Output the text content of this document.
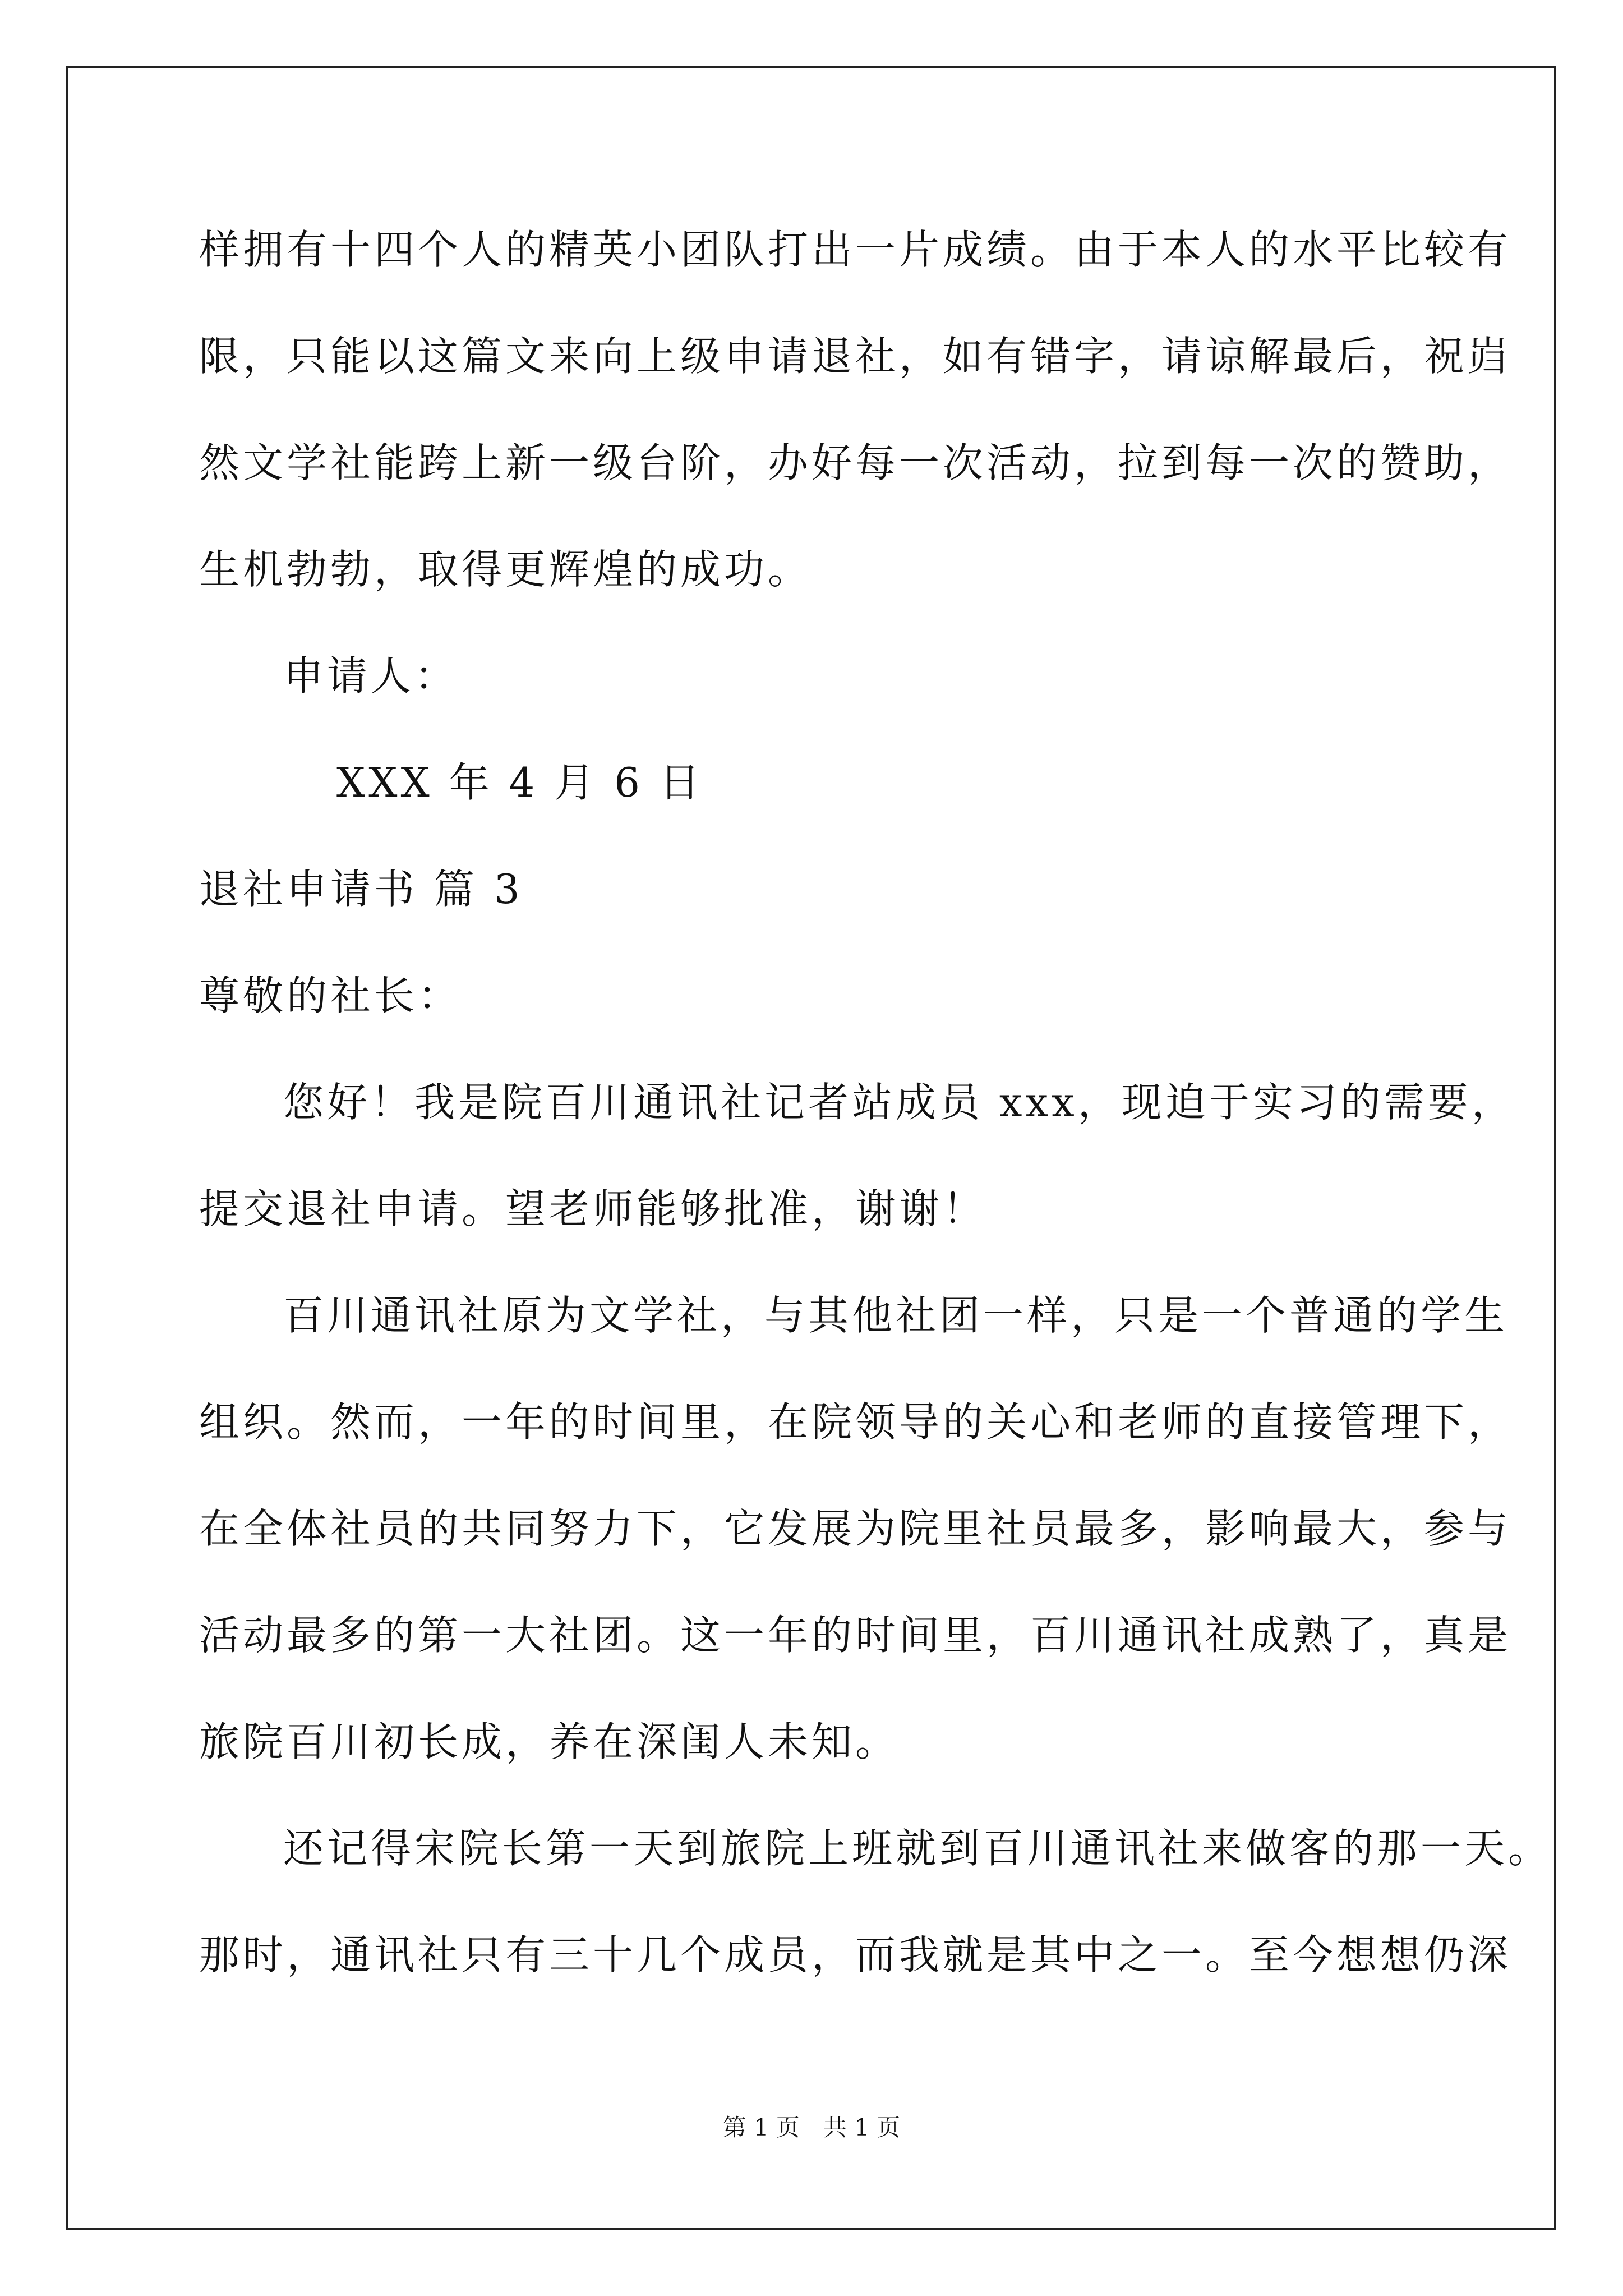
样拥有十四个人的精英小团队打出一片成绩。由于本人的水平比较有
限，只能以这篇文来向上级申请退社，如有错字，请谅解最后，祝岿
然文学社能跨上新一级台阶，办好每一次活动，拉到每一次的赞助，
生机勃勃，取得更辉煌的成功。
申请人：
XXX 年 4 月 6 日
退社申请书 篇 3
尊敬的社长：
您好！我是院百川通讯社记者站成员 xxx，现迫于实习的需要，
提交退社申请。望老师能够批准，谢谢！
百川通讯社原为文学社，与其他社团一样，只是一个普通的学生
组织。然而，一年的时间里，在院领导的关心和老师的直接管理下，
在全体社员的共同努力下，它发展为院里社员最多，影响最大，参与
活动最多的第一大社团。这一年的时间里，百川通讯社成熟了，真是
旅院百川初长成，养在深闺人未知。
还记得宋院长第一天到旅院上班就到百川通讯社来做客的那一天。
那时，通讯社只有三十几个成员，而我就是其中之一。至今想想仍深
第 1 页　共 1 页
